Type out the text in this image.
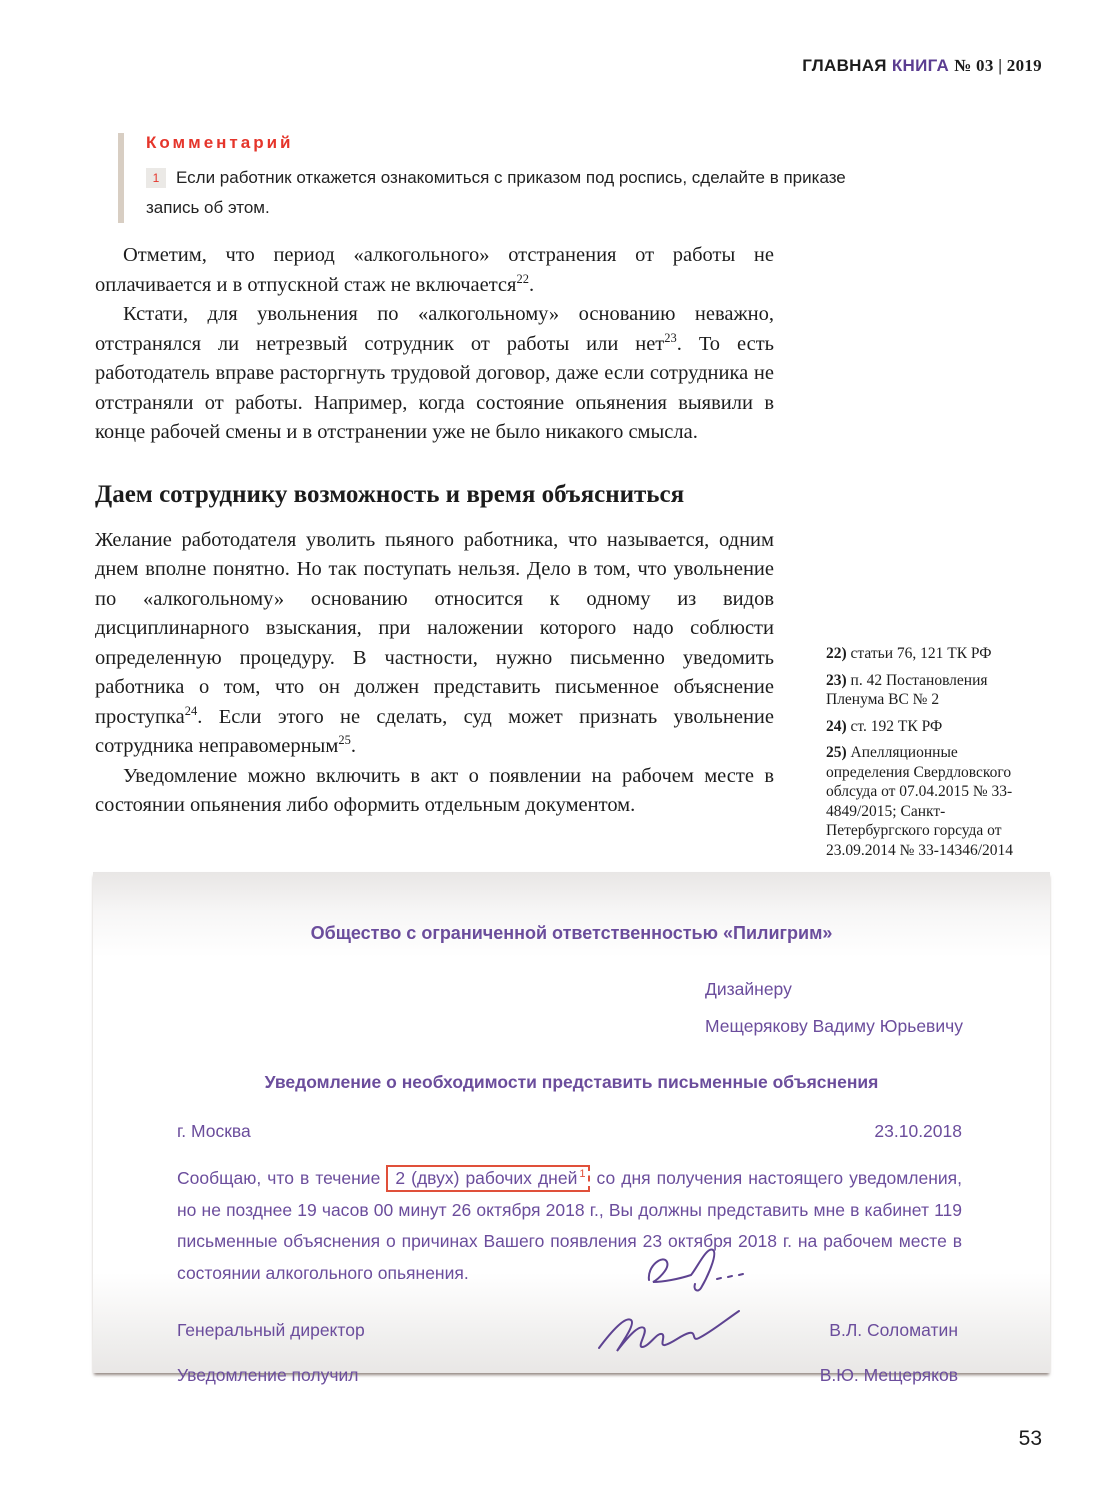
ГЛАВНАЯ КНИГА № 03 | 2019

Комментарий

1 Если работник откажется ознакомиться с приказом под роспись, сделайте в приказе запись об этом.

Отметим, что период «алкогольного» отстранения от работы не оплачивается и в отпускной стаж не включается$^{22}$.

Кстати, для увольнения по «алкогольному» основанию неважно, отстранялся ли нетрезвый сотрудник от работы или нет$^{23}$. То есть работодатель вправе расторгнуть трудовой договор, даже если сотрудника не отстраняли от работы. Например, когда состояние опьянения выявили в конце рабочей смены и в отстранении уже не было никакого смысла.

Даем сотруднику возможность и время объясниться

Желание работодателя уволить пьяного работника, что называется, одним днем вполне понятно. Но так поступать нельзя. Дело в том, что увольнение по «алкогольному» основанию относится к одному из видов дисциплинарного взыскания, при наложении которого надо соблюсти определенную процедуру. В частности, нужно письменно уведомить работника о том, что он должен представить письменное объяснение проступка$^{24}$. Если этого не сделать, суд может признать увольнение сотрудника неправомерным$^{25}$.

Уведомление можно включить в акт о появлении на рабочем месте в состоянии опьянения либо оформить отдельным документом.

22) статьи 76, 121 ТК РФ

23) п. 42 Постановления Пленума ВС № 2

24) ст. 192 ТК РФ

25) Апелляционные определения Свердловского облсуда от 07.04.2015 № 33-4849/2015; Санкт-Петербургского горсуда от 23.09.2014 № 33-14346/2014

Общество с ограниченной ответственностью «Пилигрим»
Дизайнеру
Мещерякову Вадиму Юрьевичу
Уведомление о необходимости представить письменные объяснения
г. Москва	23.10.2018
Сообщаю, что в течение 2 (двух) рабочих дней $^1$ со дня получения настоящего уведомления, но не позднее 19 часов 00 минут 26 октября 2018 г., Вы должны представить мне в кабинет 119 письменные объяснения о причинах Вашего появления 23 октября 2018 г. на рабочем месте в состоянии алкогольного опьянения.
Генеральный директор	В.Л. Соломатин
Уведомление получил	В.Ю. Мещеряков
53
